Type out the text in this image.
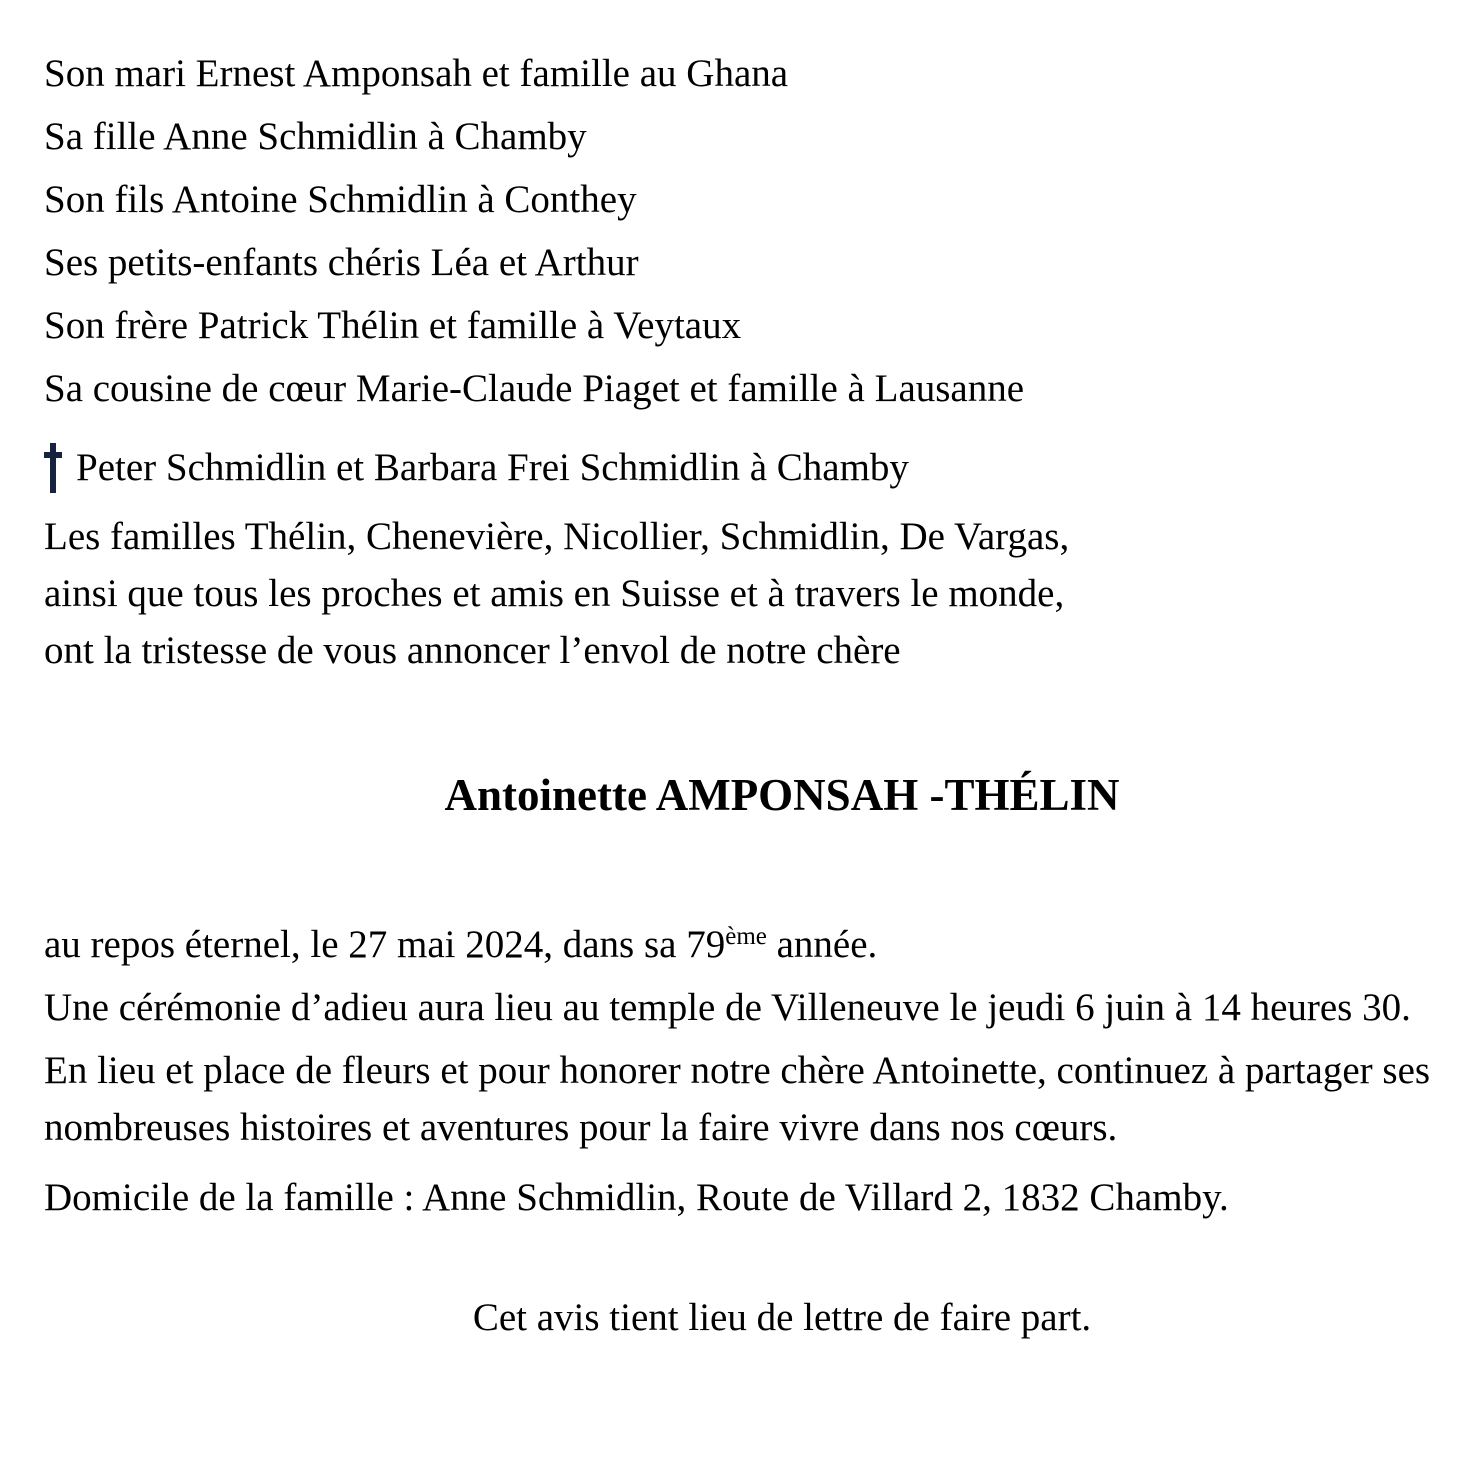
Son mari Ernest Amponsah et famille au Ghana
Sa fille Anne Schmidlin à Chamby
Son fils Antoine Schmidlin à Conthey
Ses petits-enfants chéris Léa et Arthur
Son frère Patrick Thélin et famille à Veytaux
Sa cousine de cœur Marie-Claude Piaget et famille à Lausanne
Peter Schmidlin et Barbara Frei Schmidlin à Chamby
Les familles Thélin, Chenevière, Nicollier, Schmidlin, De Vargas,
ainsi que tous les proches et amis en Suisse et à travers le monde,
ont la tristesse de vous annoncer l’envol de notre chère
Antoinette AMPONSAH -THÉLIN
au repos éternel, le 27 mai 2024, dans sa 79ème année.
Une cérémonie d’adieu aura lieu au temple de Villeneuve le jeudi 6 juin à 14 heures 30.
En lieu et place de fleurs et pour honorer notre chère Antoinette, continuez à partager ses
nombreuses histoires et aventures pour la faire vivre dans nos cœurs.
Domicile de la famille : Anne Schmidlin, Route de Villard 2, 1832 Chamby.
Cet avis tient lieu de lettre de faire part.
